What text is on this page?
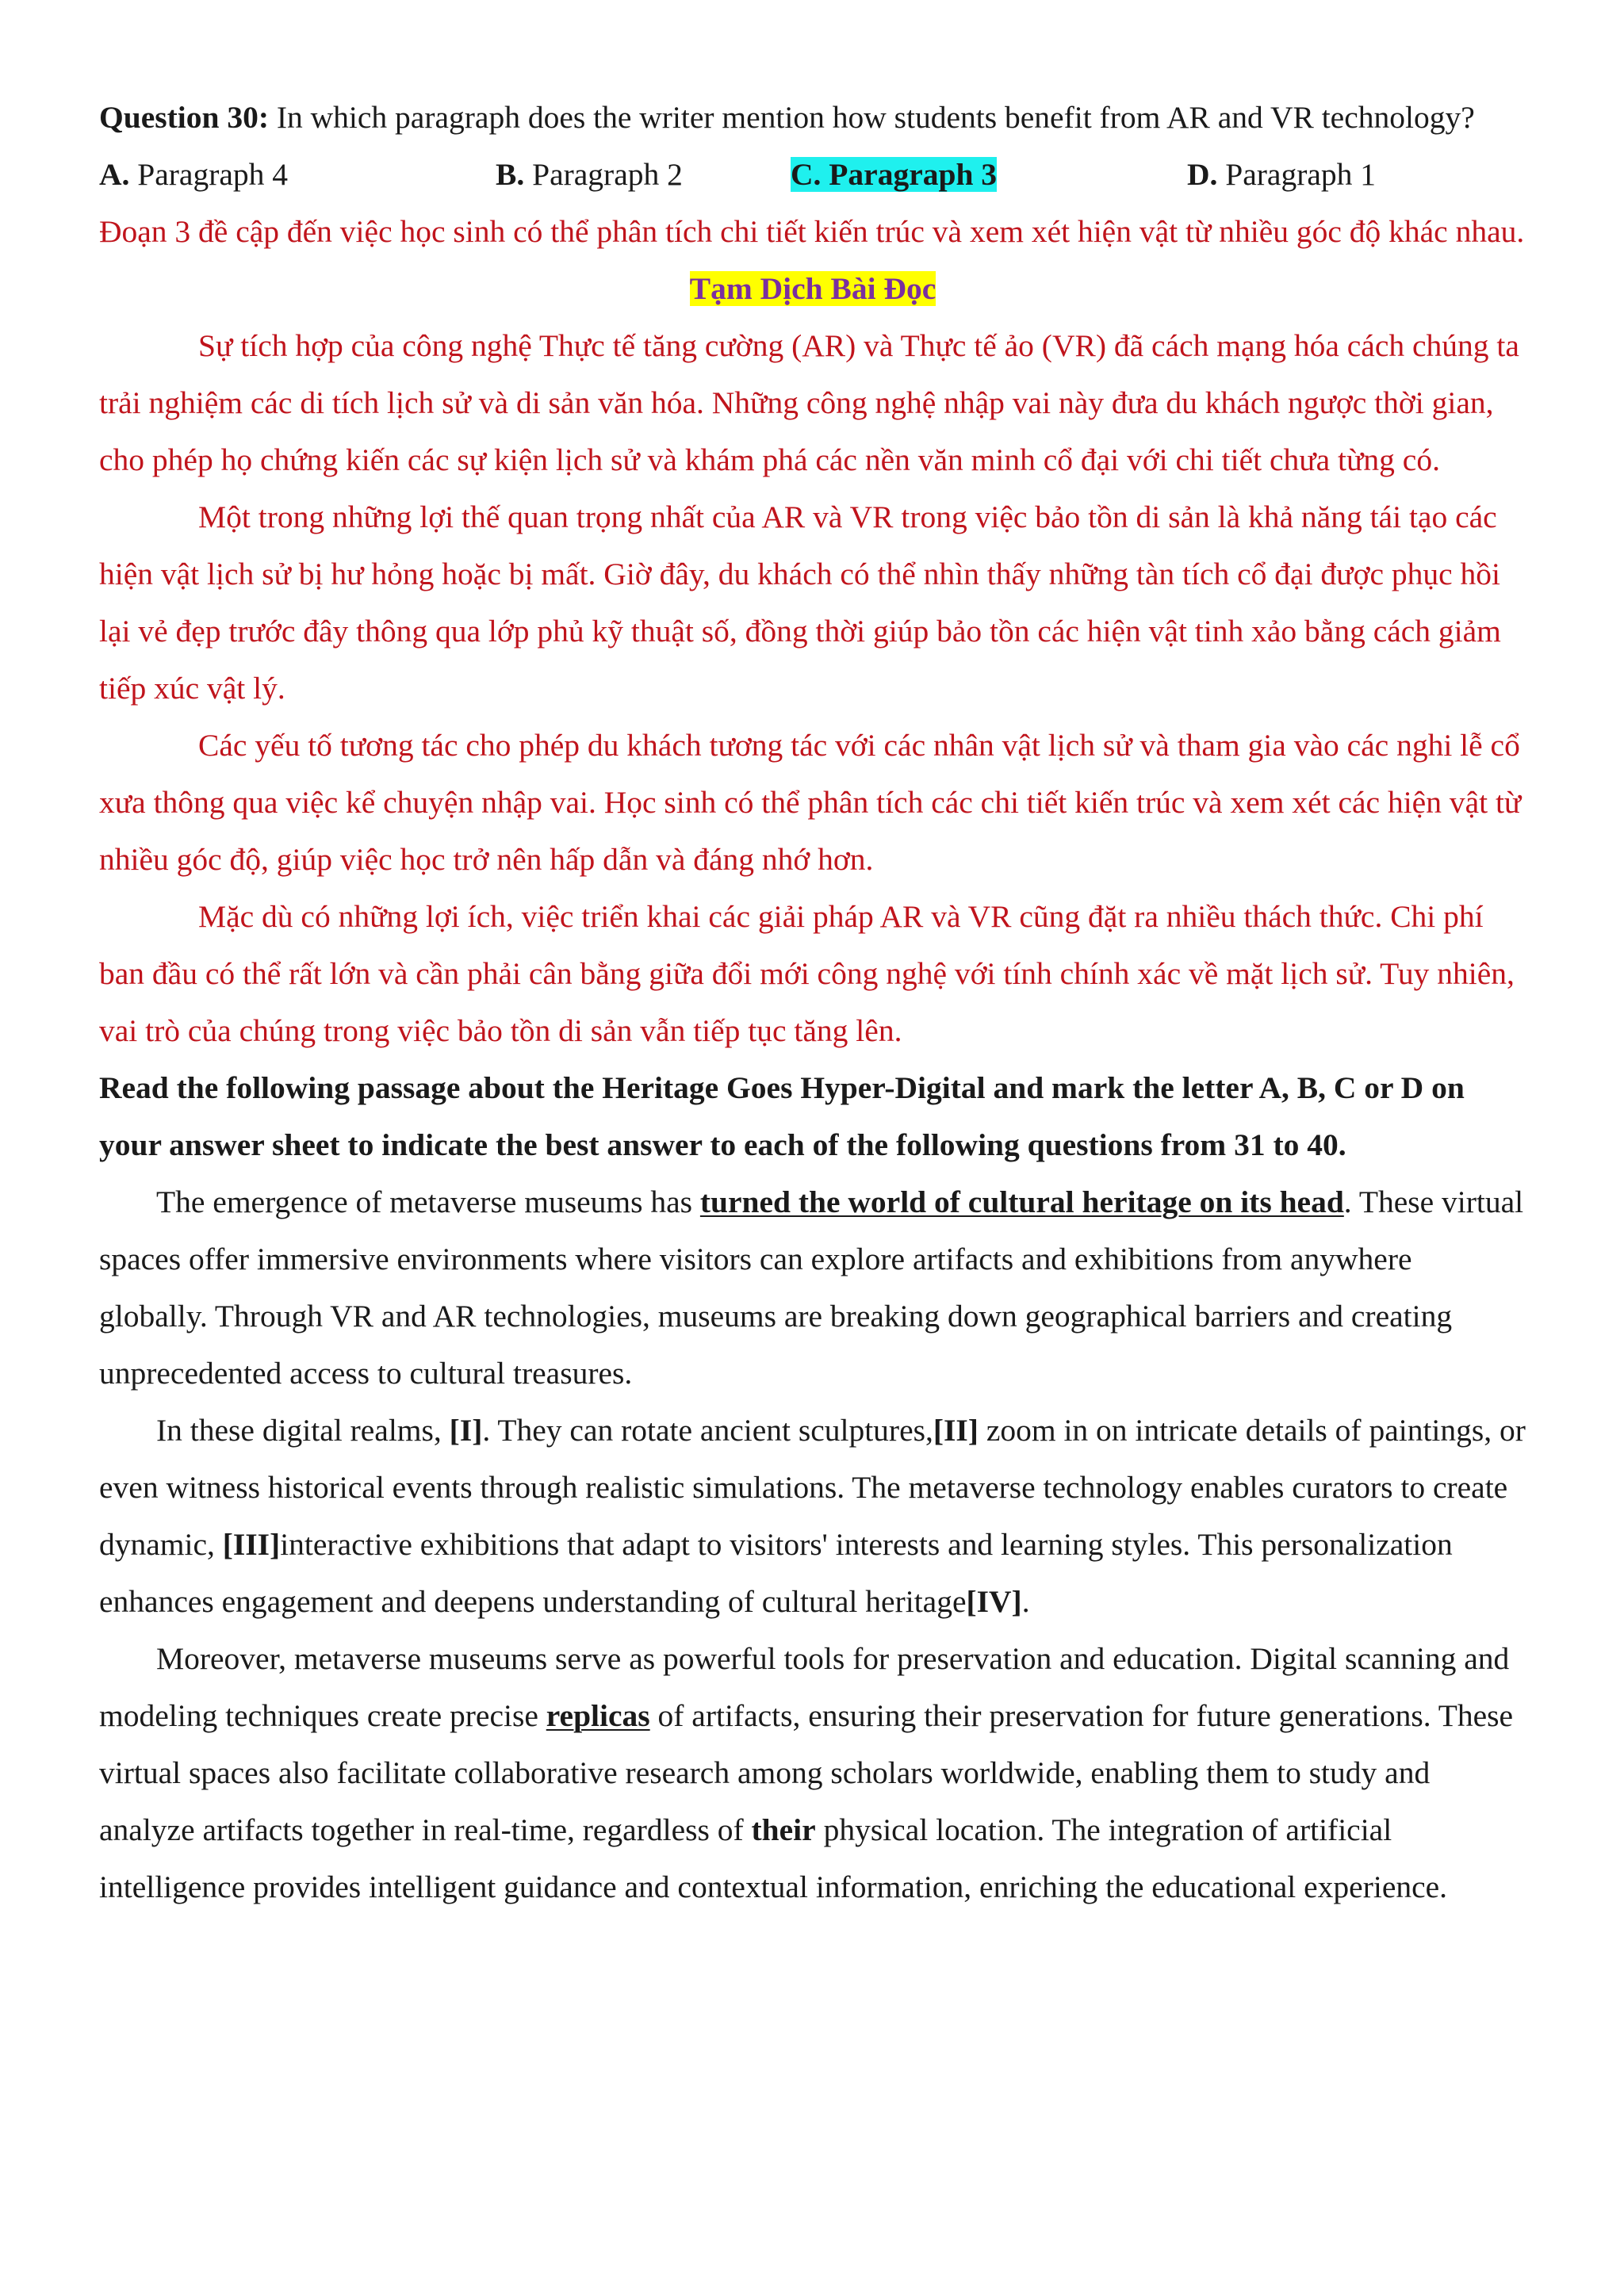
Question 30: In which paragraph does the writer mention how students benefit from AR and VR technology?

A. Paragraph 4	B. Paragraph 2	C. Paragraph 3	D. Paragraph 1

Đoạn 3 đề cập đến việc học sinh có thể phân tích chi tiết kiến trúc và xem xét hiện vật từ nhiều góc độ khác nhau.

Tạm Dịch Bài Đọc

Sự tích hợp của công nghệ Thực tế tăng cường (AR) và Thực tế ảo (VR) đã cách mạng hóa cách chúng ta trải nghiệm các di tích lịch sử và di sản văn hóa. Những công nghệ nhập vai này đưa du khách ngược thời gian, cho phép họ chứng kiến các sự kiện lịch sử và khám phá các nền văn minh cổ đại với chi tiết chưa từng có.

Một trong những lợi thế quan trọng nhất của AR và VR trong việc bảo tồn di sản là khả năng tái tạo các hiện vật lịch sử bị hư hỏng hoặc bị mất. Giờ đây, du khách có thể nhìn thấy những tàn tích cổ đại được phục hồi lại vẻ đẹp trước đây thông qua lớp phủ kỹ thuật số, đồng thời giúp bảo tồn các hiện vật tinh xảo bằng cách giảm tiếp xúc vật lý.

Các yếu tố tương tác cho phép du khách tương tác với các nhân vật lịch sử và tham gia vào các nghi lễ cổ xưa thông qua việc kể chuyện nhập vai. Học sinh có thể phân tích các chi tiết kiến trúc và xem xét các hiện vật từ nhiều góc độ, giúp việc học trở nên hấp dẫn và đáng nhớ hơn.

Mặc dù có những lợi ích, việc triển khai các giải pháp AR và VR cũng đặt ra nhiều thách thức. Chi phí ban đầu có thể rất lớn và cần phải cân bằng giữa đổi mới công nghệ với tính chính xác về mặt lịch sử. Tuy nhiên, vai trò của chúng trong việc bảo tồn di sản vẫn tiếp tục tăng lên.

Read the following passage about the Heritage Goes Hyper-Digital and mark the letter A, B, C or D on your answer sheet to indicate the best answer to each of the following questions from 31 to 40.

The emergence of metaverse museums has turned the world of cultural heritage on its head. These virtual spaces offer immersive environments where visitors can explore artifacts and exhibitions from anywhere globally. Through VR and AR technologies, museums are breaking down geographical barriers and creating unprecedented access to cultural treasures.

In these digital realms, [I]. They can rotate ancient sculptures,[II] zoom in on intricate details of paintings, or even witness historical events through realistic simulations. The metaverse technology enables curators to create dynamic, [III]interactive exhibitions that adapt to visitors' interests and learning styles. This personalization enhances engagement and deepens understanding of cultural heritage[IV].

Moreover, metaverse museums serve as powerful tools for preservation and education. Digital scanning and modeling techniques create precise replicas of artifacts, ensuring their preservation for future generations. These virtual spaces also facilitate collaborative research among scholars worldwide, enabling them to study and analyze artifacts together in real-time, regardless of their physical location. The integration of artificial intelligence provides intelligent guidance and contextual information, enriching the educational experience.
